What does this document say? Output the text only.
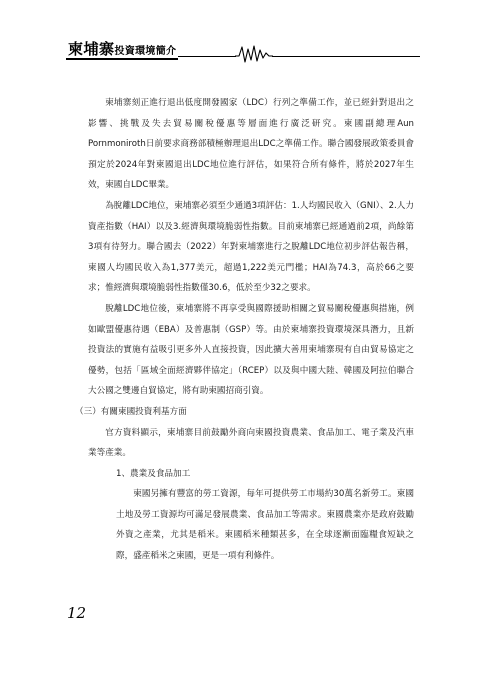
柬埔寨投資環境簡介

柬埔寨刻正進行退出低度開發國家（LDC）行列之準備工作，並已經針對退出之影響、挑戰及失去貿易關稅優惠等層面進行廣泛研究。柬國副總理Aun Pornmoniroth日前要求商務部積極辦理退出LDC之準備工作。聯合國發展政策委員會預定於2024年對柬國退出LDC地位進行評估，如果符合所有條件，將於2027年生效，柬國自LDC畢業。

為脫離LDC地位，柬埔寨必須至少通過3項評估：1.人均國民收入（GNI）、2.人力資產指數（HAI）以及3.經濟與環境脆弱性指數。目前柬埔寨已經通過前2項，尚餘第3項有待努力。聯合國去（2022）年對柬埔寨進行之脫離LDC地位初步評估報告稱，柬國人均國民收入為1,377美元，超過1,222美元門檻；HAI為74.3，高於66之要求；惟經濟與環境脆弱性指數僅30.6，低於至少32之要求。

脫離LDC地位後，柬埔寨將不再享受與國際援助相關之貿易關稅優惠與措施，例如歐盟優惠待遇（EBA）及普惠制（GSP）等。由於柬埔寨投資環境深具潛力，且新投資法的實施有益吸引更多外人直接投資，因此擴大善用柬埔寨現有自由貿易協定之優勢，包括「區域全面經濟夥伴協定」（RCEP）以及與中國大陸、韓國及阿拉伯聯合大公國之雙邊自貿協定，將有助柬國招商引資。

（三）有關柬國投資利基方面

官方資料顯示，柬埔寨目前鼓勵外商向柬國投資農業、食品加工、電子業及汽車業等產業。

1、農業及食品加工

柬國另擁有豐富的勞工資源，每年可提供勞工市場約30萬名新勞工。柬國土地及勞工資源均可滿足發展農業、食品加工等需求。柬國農業亦是政府鼓勵外資之產業，尤其是稻米。柬國稻米種類甚多，在全球逐漸面臨糧食短缺之際，盛產稻米之柬國，更是一項有利條件。

12
